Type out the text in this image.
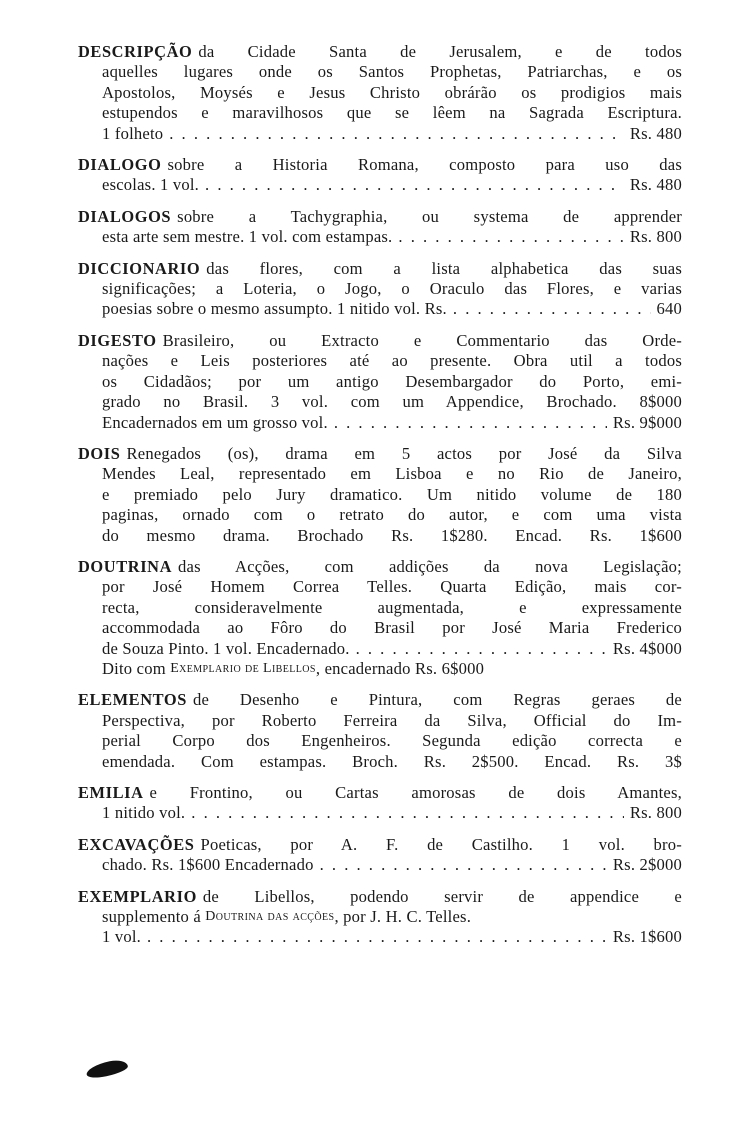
DESCRIPÇÃO da Cidade Santa de Jerusalem, e de todos
aquelles lugares onde os Santos Prophetas, Patriarchas, e os
Apostolos, Moysés e Jesus Christo obrárão os prodigios mais
estupendos e maravilhosos que se lêem na Sagrada Escriptura.
1 folheto . . .	Rs. 480
DIALOGO sobre a Historia Romana, composto para uso das
escolas. 1 vol. . . .	Rs. 480
DIALOGOS sobre a Tachygraphia, ou systema de apprender
esta arte sem mestre. 1 vol. com estampas. . . .	Rs. 800
DICCIONARIO das flores, com a lista alphabetica das suas
significações; a Loteria, o Jogo, o Oraculo das Flores, e varias
poesias sobre o mesmo assumpto. 1 nitido vol. Rs. . . .	640
DIGESTO Brasileiro, ou Extracto e Commentario das Orde-
nações e Leis posteriores até ao presente. Obra util a todos
os Cidadãos; por um antigo Desembargador do Porto, emi-
grado no Brasil. 3 vol. com um Appendice, Brochado. 8$000
Encadernados em um grosso vol. . . .	Rs. 9$000
DOIS Renegados (os), drama em 5 actos por José da Silva
Mendes Leal, representado em Lisboa e no Rio de Janeiro,
e premiado pelo Jury dramatico. Um nitido volume de 180
paginas, ornado com o retrato do autor, e com uma vista
do mesmo drama. Brochado Rs. 1$280. Encad. Rs. 1$600
DOUTRINA das Acções, com addições da nova Legislação;
por José Homem Correa Telles. Quarta Edição, mais cor-
recta, consideravelmente augmentada, e expressamente
accommodada ao Fôro do Brasil por José Maria Frederico
de Souza Pinto. 1 vol. Encadernado. . . .	Rs. 4$000
Dito com
Exemplario de Libellos , encadernado Rs. 6$000
ELEMENTOS de Desenho e Pintura, com Regras geraes de
Perspectiva, por Roberto Ferreira da Silva, Official do Im-
perial Corpo dos Engenheiros. Segunda edição correcta e
emendada. Com estampas. Broch. Rs. 2$500. Encad. Rs. 3$
EMILIA e Frontino, ou Cartas amorosas de dois Amantes,
1 nitido vol. . . .	Rs. 800
EXCAVAÇÕES Poeticas, por A. F. de Castilho. 1 vol. bro-
chado. Rs. 1$600 Encadernado . . .	Rs. 2$000
EXEMPLARIO de Libellos, podendo servir de appendice e
supplemento á
Doutrina das acções , por J. H. C. Telles.
1 vol. . . .	Rs. 1$600
